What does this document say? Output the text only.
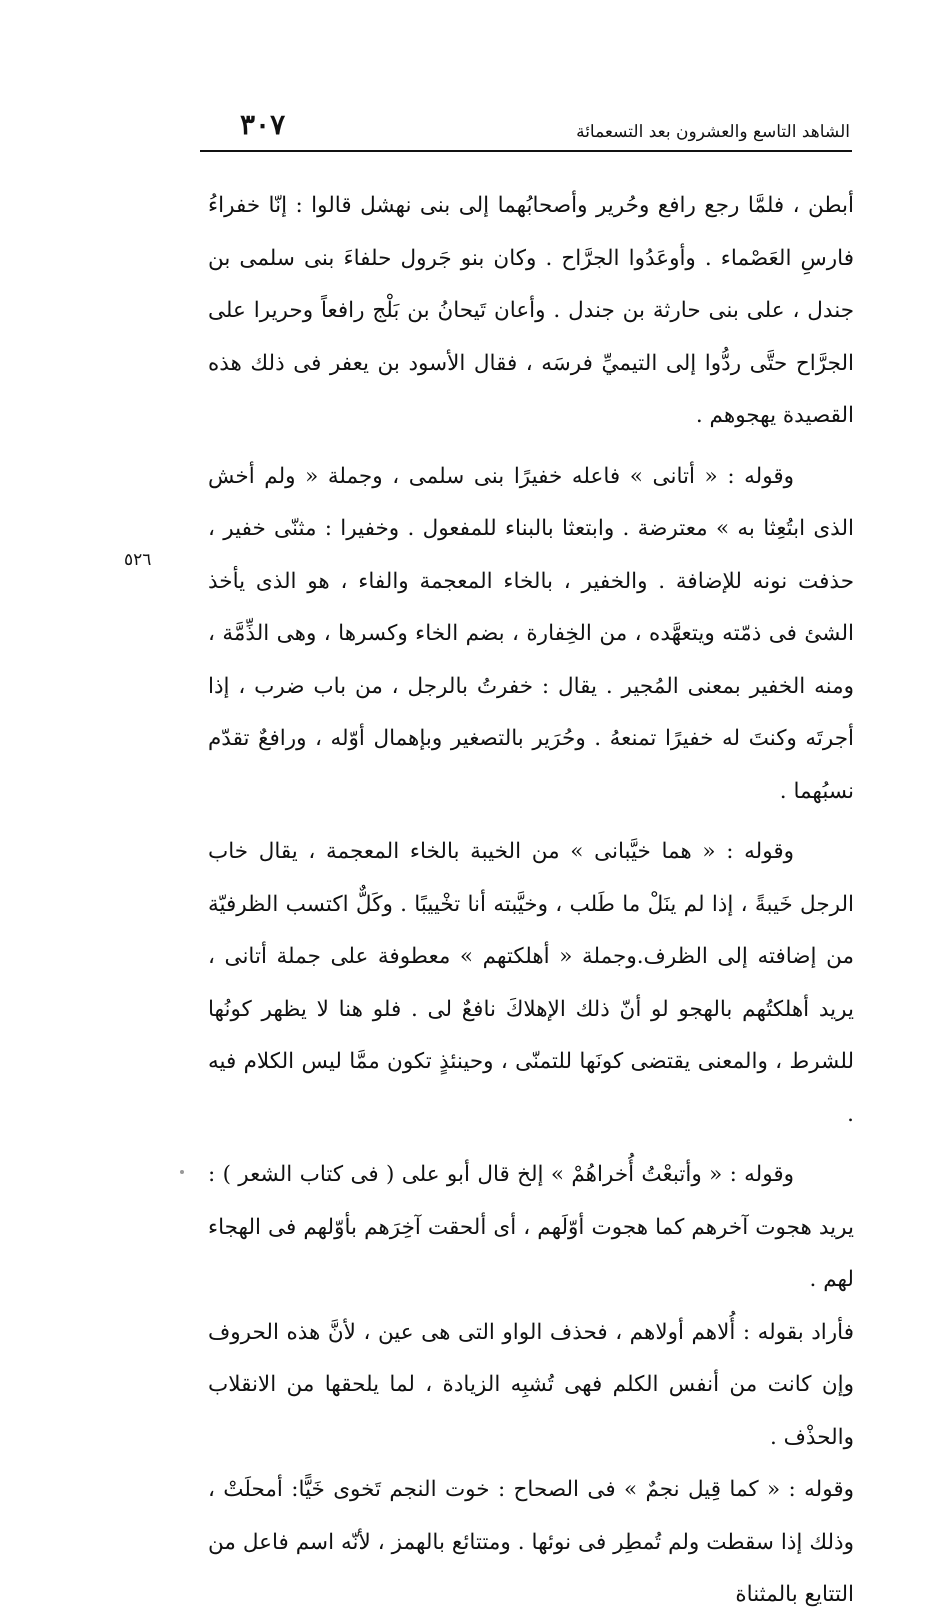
الشاهد التاسع والعشرون بعد التسعمائة
٣٠٧
٥٢٦

أبطن ، فلمَّا رجع رافع وحُرير وأصحابُهما إلى بنى نهشل قالوا : إنّا خفراءُ فارسِ العَصْماء . وأوعَدُوا الجرَّاح . وكان بنو جَرول حلفاءَ بنى سلمى بن جندل ، على بنى حارثة بن جندل . وأعان تَيحانُ بن بَلْج رافعاً وحريرا على الجرَّاح حتَّى ردُّوا إلى التيميِّ فرسَه ، فقال الأسود بن يعفر فى ذلك هذه القصيدة يهجوهم .

وقوله : « أتانى » فاعله خفيرًا بنى سلمى ، وجملة « ولم أخش الذى ابتُعِثا به » معترضة . وابتعثا بالبناء للمفعول . وخفيرا : مثنّى خفير ، حذفت نونه للإضافة . والخفير ، بالخاء المعجمة والفاء ، هو الذى يأخذ الشئ فى ذمّته ويتعهَّده ، من الخِفارة ، بضم الخاء وكسرها ، وهى الذِّمَّة ، ومنه الخفير بمعنى المُجير . يقال : خفرتُ بالرجل ، من باب ضرب ، إذا أجرتَه وكنتَ له خفيرًا تمنعهُ . وحُرَير بالتصغير وبإهمال أوّله ، ورافعٌ تقدّم نسبُهما .

وقوله : « هما خيَّبانى » من الخيبة بالخاء المعجمة ، يقال خاب الرجل خَيبةً ، إذا لم ينَلْ ما طَلب ، وخيَّبته أنا تخْييبًا . وكَلٌّ اكتسب الظرفيّة من إضافته إلى الظرف.وجملة « أهلكتهم » معطوفة على جملة أتانى ، يريد أهلكتُهم بالهجو لو أنّ ذلك الإهلاكَ نافعٌ لى . فلو هنا لا يظهر كونُها للشرط ، والمعنى يقتضى كونَها للتمنّى ، وحينئذٍ تكون ممَّا ليس الكلام فيه .

وقوله : « وأتبعْتُ أُخراهُمْ » إلخ قال أبو على ( فى كتاب الشعر ) : يريد هجوت آخرهم كما هجوت أوّلَهم ، أى ألحقت آخِرَهم بأوّلهم فى الهجاء لهم .

فأراد بقوله : أُلاهم أولاهم ، فحذف الواو التى هى عين ، لأنَّ هذه الحروف وإن كانت من أنفس الكلم فهى تُشبِه الزيادة ، لما يلحقها من الانقلاب والحذْف .

وقوله : « كما قِيل نجمٌ » فى الصحاح : خوت النجم تَخوى خَيًّا: أمحلَتْ ، وذلك إذا سقطت ولم تُمطِر فى نوئها . ومتتائع بالهمز ، لأنّه اسم فاعل من التتايع بالمثناة
